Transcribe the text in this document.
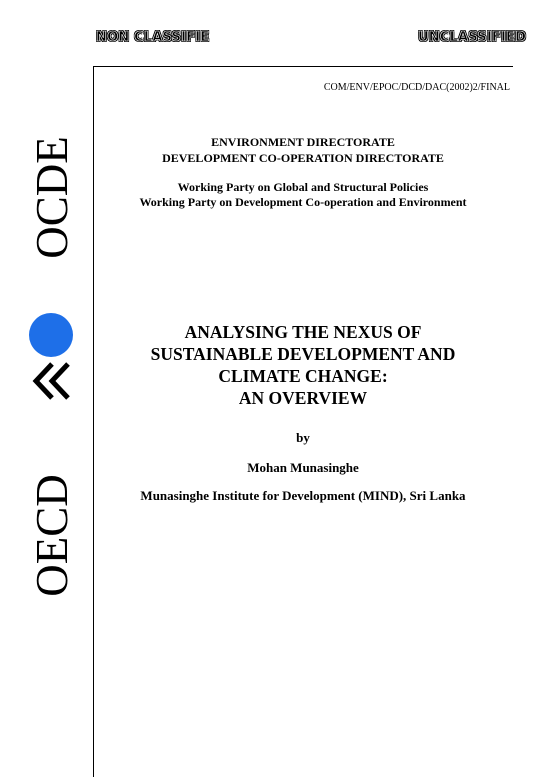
NON CLASSIFIE	UNCLASSIFIED
COM/ENV/EPOC/DCD/DAC(2002)2/FINAL
OCDE
OECD
ENVIRONMENT DIRECTORATE
DEVELOPMENT CO-OPERATION DIRECTORATE
Working Party on Global and Structural Policies
Working Party on Development Co-operation and Environment
ANALYSING THE NEXUS OF
SUSTAINABLE DEVELOPMENT AND
CLIMATE CHANGE:
AN OVERVIEW
by
Mohan Munasinghe
Munasinghe Institute for Development (MIND), Sri Lanka
